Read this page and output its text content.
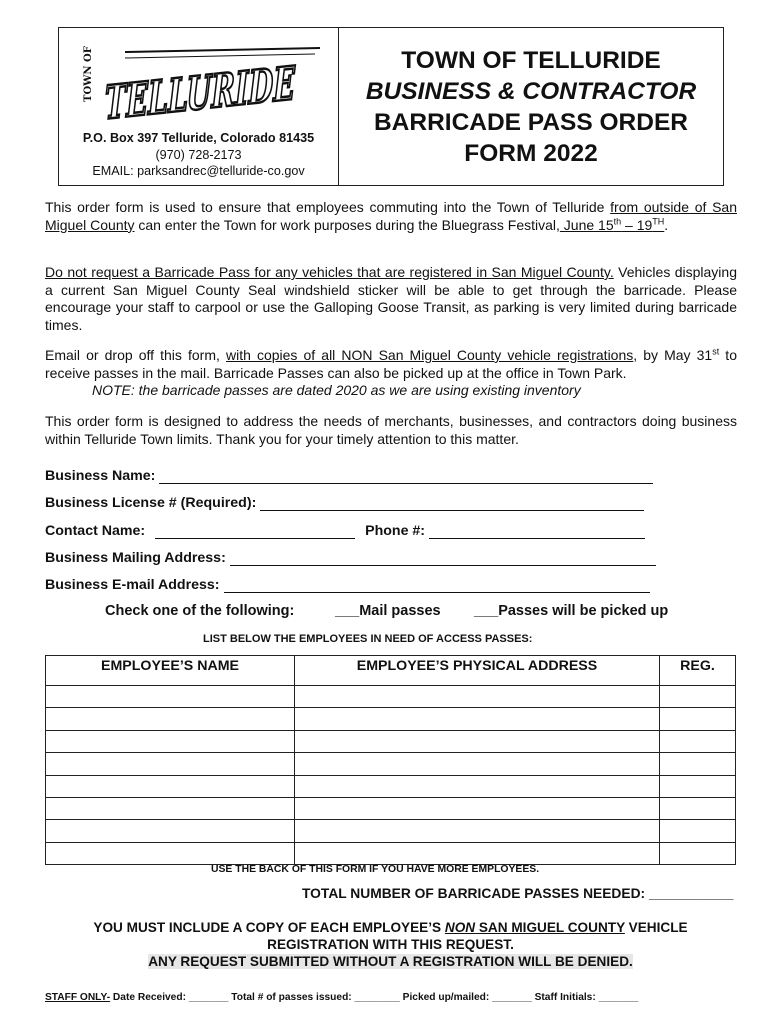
TOWN OF TELLURIDE
P.O. Box 397 Telluride, Colorado 81435
(970) 728-2173
EMAIL: parksandrec@telluride-co.gov
TOWN OF TELLURIDE
BUSINESS & CONTRACTOR
BARRICADE PASS ORDER
FORM 2022

This order form is used to ensure that employees commuting into the Town of Telluride from outside of San Miguel County can enter the Town for work purposes during the Bluegrass Festival, June 15th – 19TH.

Do not request a Barricade Pass for any vehicles that are registered in San Miguel County. Vehicles displaying a current San Miguel County Seal windshield sticker will be able to get through the barricade. Please encourage your staff to carpool or use the Galloping Goose Transit, as parking is very limited during barricade times.

Email or drop off this form, with copies of all NON San Miguel County vehicle registrations, by May 31st to receive passes in the mail. Barricade Passes can also be picked up at the office in Town Park.
NOTE: the barricade passes are dated 2020 as we are using existing inventory

This order form is designed to address the needs of merchants, businesses, and contractors doing business within Telluride Town limits. Thank you for your timely attention to this matter.

Business Name:
Business License # (Required):
Contact Name:	Phone #:
Business Mailing Address:
Business E-mail Address:
Check one of the following:	___Mail passes ___Passes will be picked up
LIST BELOW THE EMPLOYEES IN NEED OF ACCESS PASSES:
EMPLOYEE’S NAME	EMPLOYEE’S PHYSICAL ADDRESS	REG.

USE THE BACK OF THIS FORM IF YOU HAVE MORE EMPLOYEES.
TOTAL NUMBER OF BARRICADE PASSES NEEDED: ___________
YOU MUST INCLUDE A COPY OF EACH EMPLOYEE’S NON SAN MIGUEL COUNTY VEHICLE
REGISTRATION WITH THIS REQUEST.
ANY REQUEST SUBMITTED WITHOUT A REGISTRATION WILL BE DENIED.
STAFF ONLY- Date Received: _______ Total # of passes issued: ________ Picked up/mailed: _______ Staff Initials: _______
